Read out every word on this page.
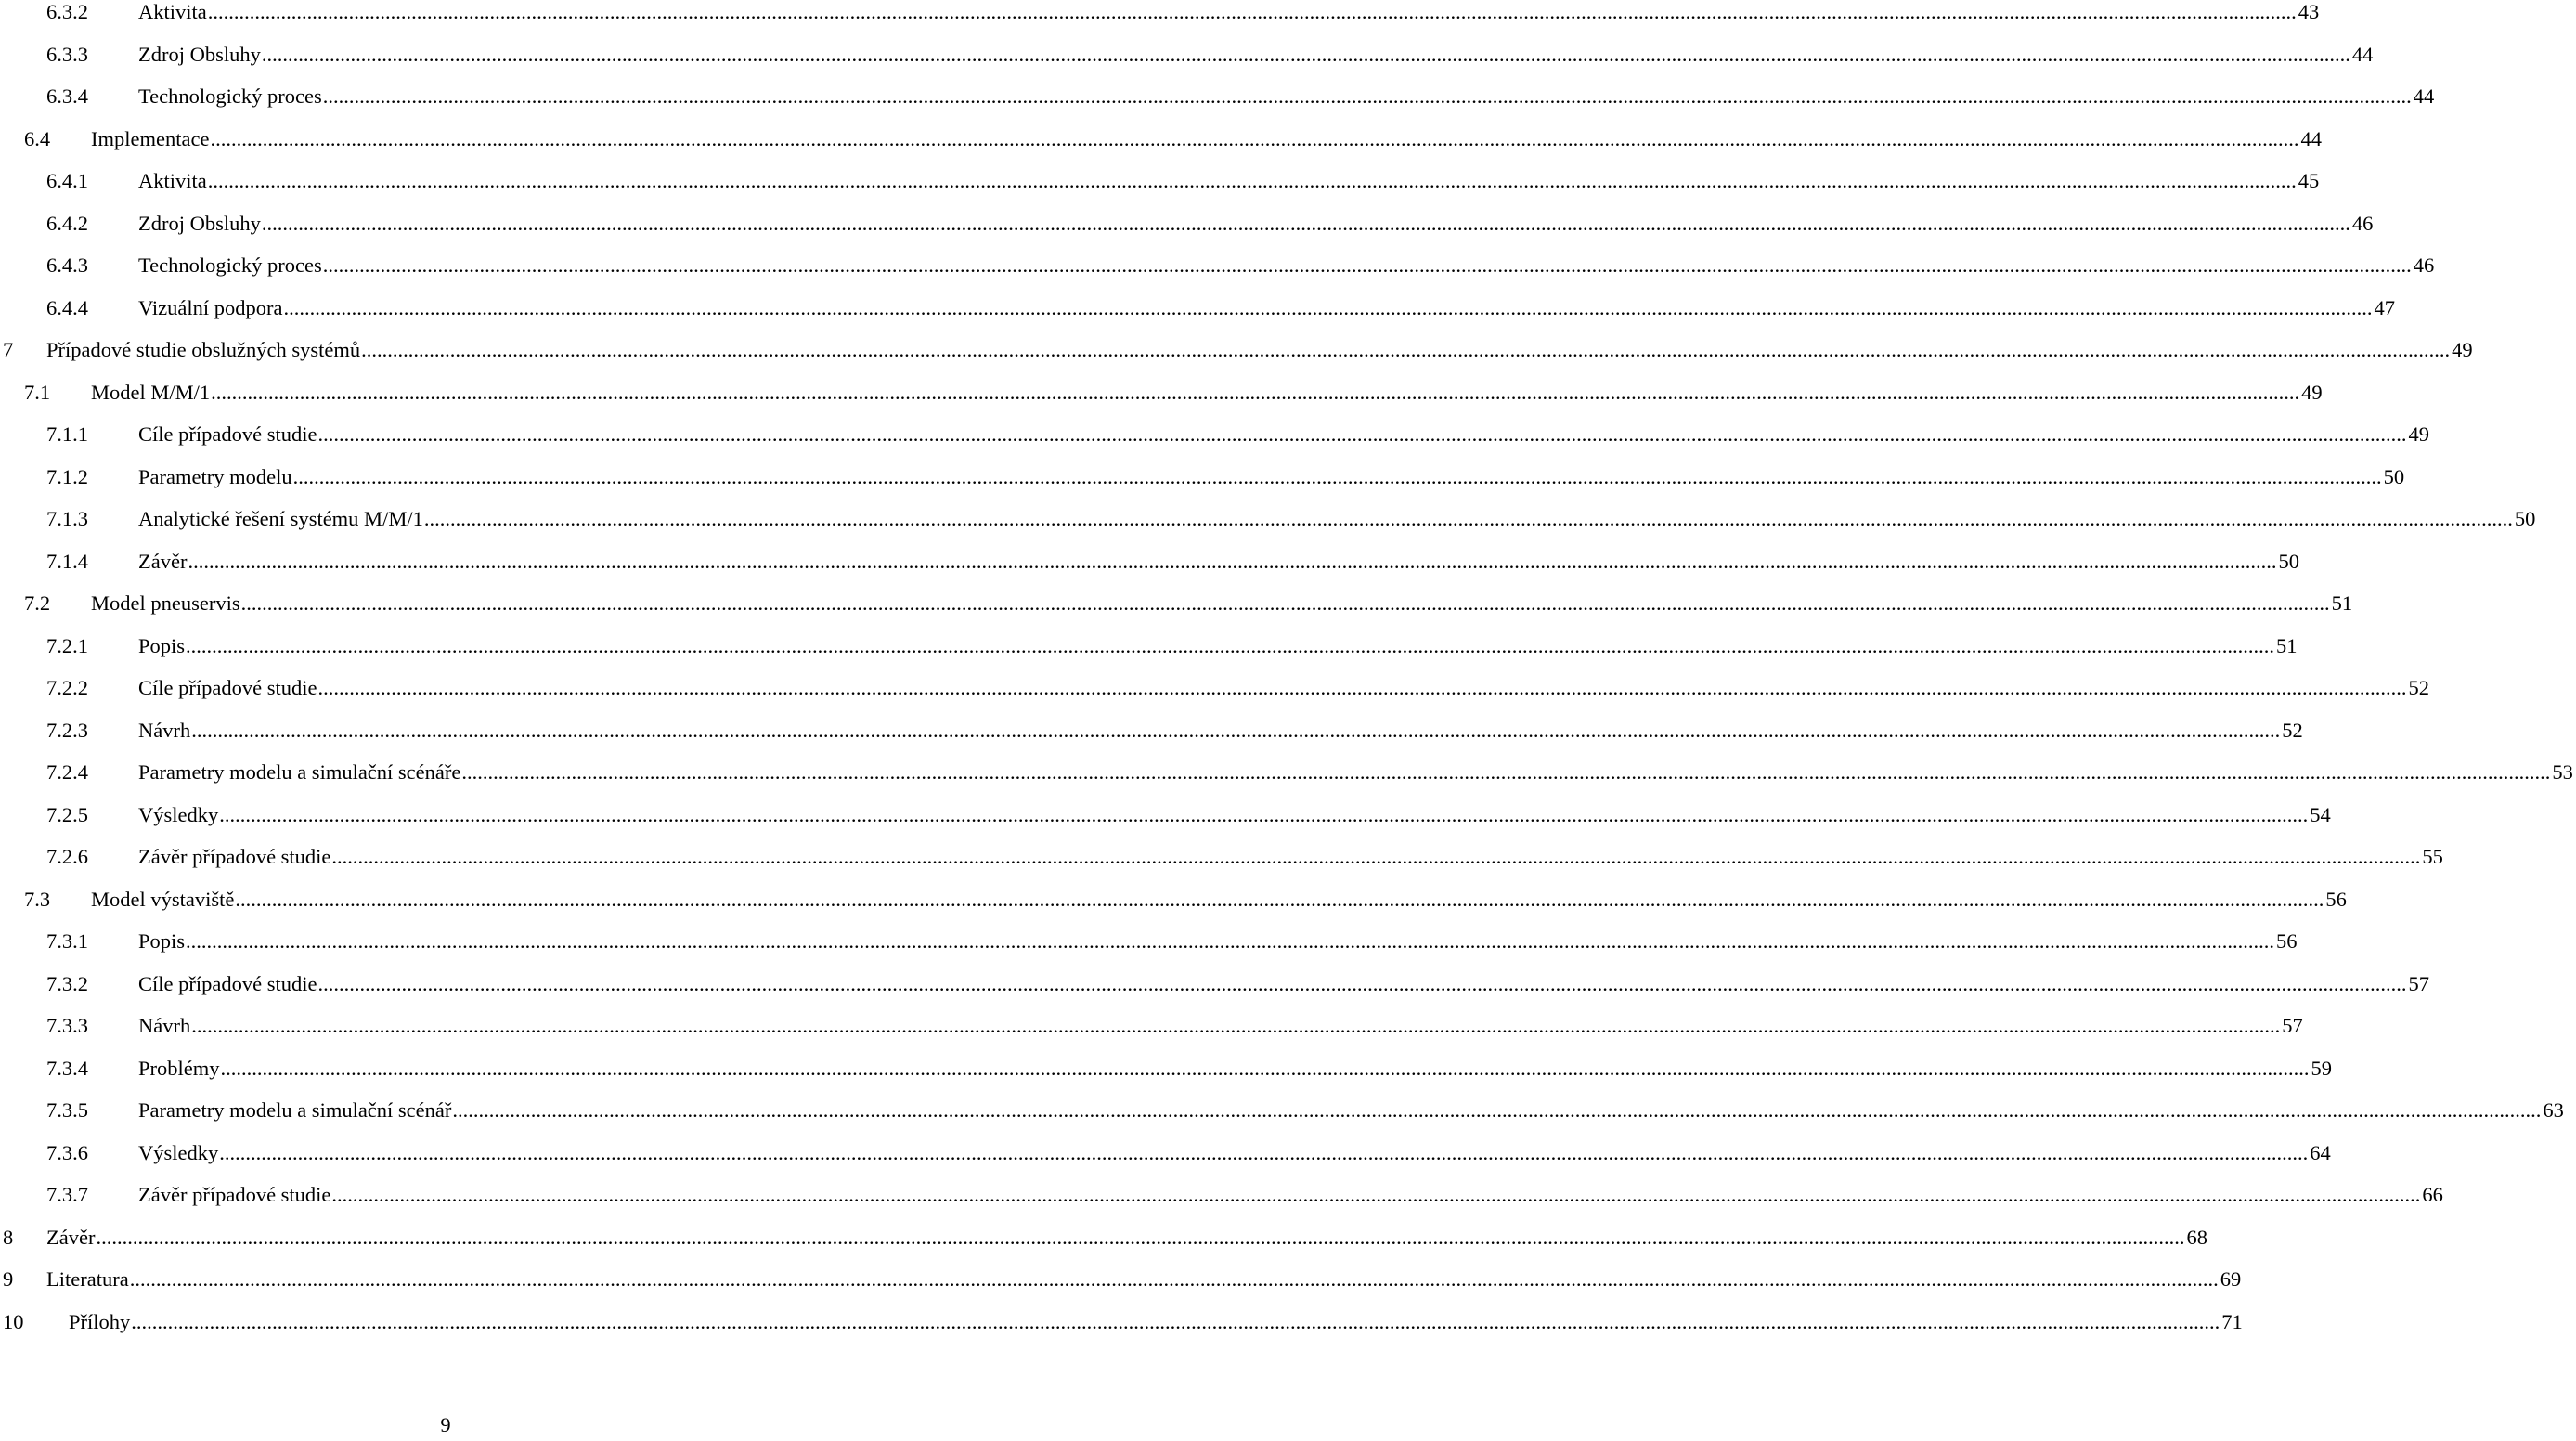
6.3.2 Aktivita ................................................................................................................................................................................................................................................................................................................................................................................................................ 43
6.3.3 Zdroj Obsluhy ................................................................................................................................................................................................................................................................................................................................................................................................................ 44
6.3.4 Technologický proces ................................................................................................................................................................................................................................................................................................................................................................................................................ 44
6.4 Implementace ................................................................................................................................................................................................................................................................................................................................................................................................................ 44
6.4.1 Aktivita ................................................................................................................................................................................................................................................................................................................................................................................................................ 45
6.4.2 Zdroj Obsluhy ................................................................................................................................................................................................................................................................................................................................................................................................................ 46
6.4.3 Technologický proces ................................................................................................................................................................................................................................................................................................................................................................................................................ 46
6.4.4 Vizuální podpora ................................................................................................................................................................................................................................................................................................................................................................................................................ 47
7 Případové studie obslužných systémů ................................................................................................................................................................................................................................................................................................................................................................................................................ 49
7.1 Model M/M/1 ................................................................................................................................................................................................................................................................................................................................................................................................................ 49
7.1.1 Cíle případové studie ................................................................................................................................................................................................................................................................................................................................................................................................................ 49
7.1.2 Parametry modelu ................................................................................................................................................................................................................................................................................................................................................................................................................ 50
7.1.3 Analytické řešení systému M/M/1 ................................................................................................................................................................................................................................................................................................................................................................................................................ 50
7.1.4 Závěr ................................................................................................................................................................................................................................................................................................................................................................................................................ 50
7.2 Model pneuservis ................................................................................................................................................................................................................................................................................................................................................................................................................ 51
7.2.1 Popis ................................................................................................................................................................................................................................................................................................................................................................................................................ 51
7.2.2 Cíle případové studie ................................................................................................................................................................................................................................................................................................................................................................................................................ 52
7.2.3 Návrh ................................................................................................................................................................................................................................................................................................................................................................................................................ 52
7.2.4 Parametry modelu a simulační scénáře ................................................................................................................................................................................................................................................................................................................................................................................................................ 53
7.2.5 Výsledky ................................................................................................................................................................................................................................................................................................................................................................................................................ 54
7.2.6 Závěr případové studie ................................................................................................................................................................................................................................................................................................................................................................................................................ 55
7.3 Model výstaviště ................................................................................................................................................................................................................................................................................................................................................................................................................ 56
7.3.1 Popis ................................................................................................................................................................................................................................................................................................................................................................................................................ 56
7.3.2 Cíle případové studie ................................................................................................................................................................................................................................................................................................................................................................................................................ 57
7.3.3 Návrh ................................................................................................................................................................................................................................................................................................................................................................................................................ 57
7.3.4 Problémy ................................................................................................................................................................................................................................................................................................................................................................................................................ 59
7.3.5 Parametry modelu a simulační scénář ................................................................................................................................................................................................................................................................................................................................................................................................................ 63
7.3.6 Výsledky ................................................................................................................................................................................................................................................................................................................................................................................................................ 64
7.3.7 Závěr případové studie ................................................................................................................................................................................................................................................................................................................................................................................................................ 66
8 Závěr ................................................................................................................................................................................................................................................................................................................................................................................................................ 68
9 Literatura ................................................................................................................................................................................................................................................................................................................................................................................................................ 69
10 Přílohy ................................................................................................................................................................................................................................................................................................................................................................................................................ 71
9
